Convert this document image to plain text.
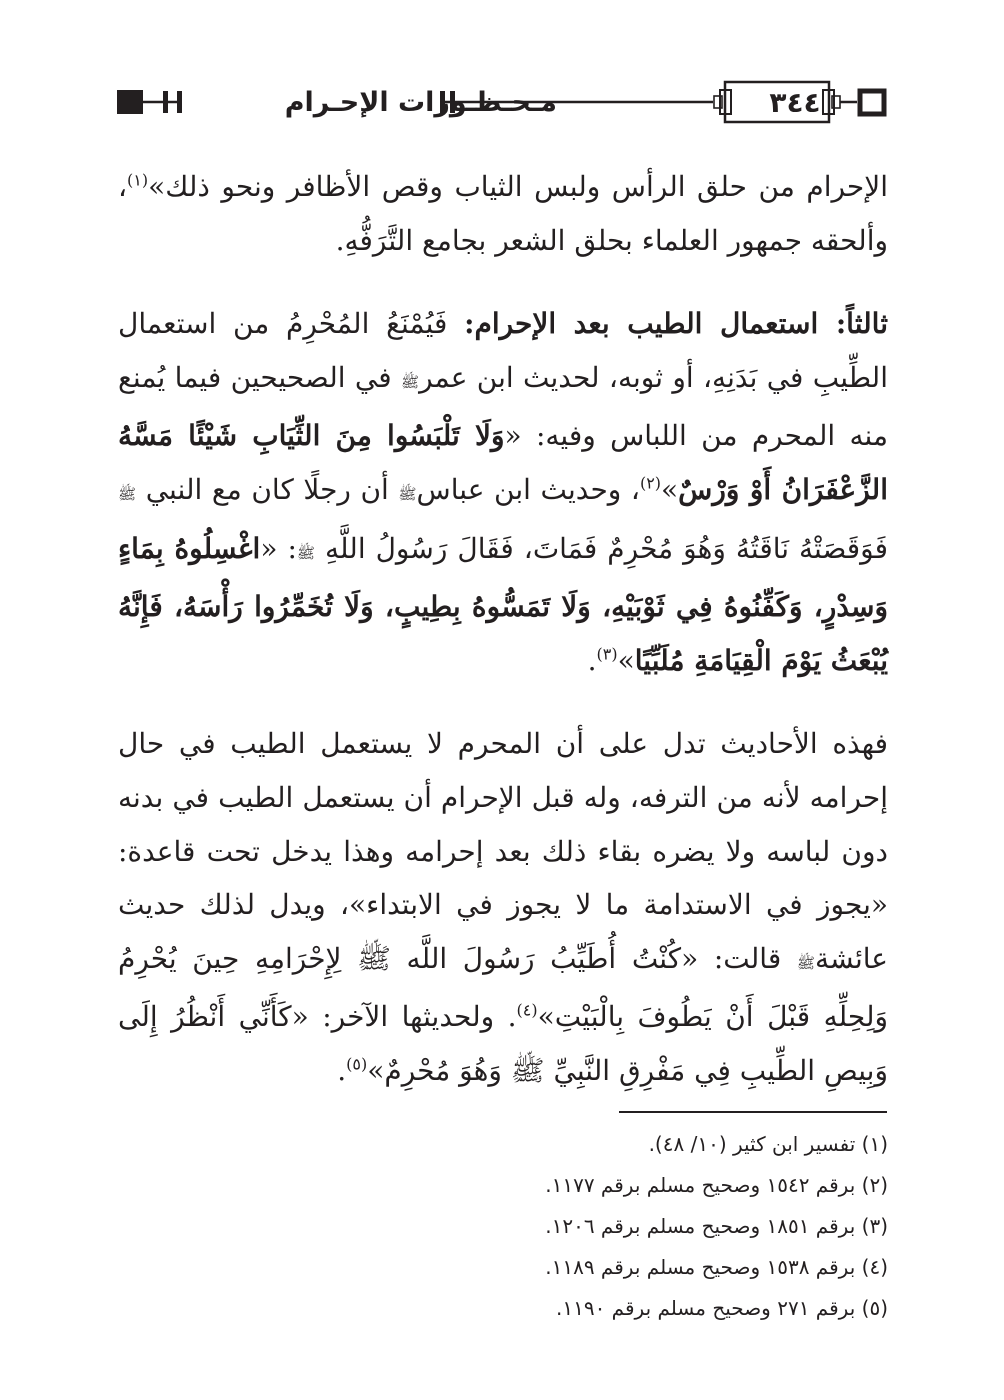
مـحـظـورات الإحـرام	٣٤٤

الإحرام من حلق الرأس ولبس الثياب وقص الأظافر ونحو ذلك»$^{(١)}$، وألحقه جمهور العلماء بحلق الشعر بجامع التَّرَفُّهِ.

ثالثاً: استعمال الطيب بعد الإحرام: فَيُمْنَعُ المُحْرِمُ من استعمال الطِّيبِ في بَدَنِهِ، أو ثوبه، لحديث ابن عمرﷺ في الصحيحين فيما يُمنع منه المحرم من اللباس وفيه: «وَلَا تَلْبَسُوا مِنَ الثِّيَابِ شَيْئًا مَسَّهُ الزَّعْفَرَانُ أَوْ وَرْسٌ»$^{(٢)}$، وحديث ابن عباسﷺ أن رجلًا كان مع النبي ﷺ فَوَقَصَتْهُ نَاقَتُهُ وَهُوَ مُحْرِمٌ فَمَاتَ، فَقَالَ رَسُولُ اللَّهِ ﷺ: «اغْسِلُوهُ بِمَاءٍ وَسِدْرٍ، وَكَفِّنُوهُ فِي ثَوْبَيْهِ، وَلَا تَمَسُّوهُ بِطِيبٍ، وَلَا تُخَمِّرُوا رَأْسَهُ، فَإِنَّهُ يُبْعَثُ يَوْمَ الْقِيَامَةِ مُلَبِّيًا»$^{(٣)}$.

فهذه الأحاديث تدل على أن المحرم لا يستعمل الطيب في حال إحرامه لأنه من الترفه، وله قبل الإحرام أن يستعمل الطيب في بدنه دون لباسه ولا يضره بقاء ذلك بعد إحرامه وهذا يدخل تحت قاعدة: «يجوز في الاستدامة ما لا يجوز في الابتداء»، ويدل لذلك حديث عائشةﷺ قالت: «كُنْتُ أُطَيِّبُ رَسُولَ اللَّه ﷺ لِإِحْرَامِهِ حِينَ يُحْرِمُ وَلِحِلِّهِ قَبْلَ أَنْ يَطُوفَ بِالْبَيْتِ»$^{(٤)}$. ولحديثها الآخر: «كَأَنِّي أَنْظُرُ إِلَى وَبِيصِ الطِّيبِ فِي مَفْرِقِ النَّبِيِّ ﷺ وَهُوَ مُحْرِمٌ»$^{(٥)}$.

(١) تفسير ابن كثير (١٠/ ٤٨).
(٢) برقم ١٥٤٢ وصحيح مسلم برقم ١١٧٧.
(٣) برقم ١٨٥١ وصحيح مسلم برقم ١٢٠٦.
(٤) برقم ١٥٣٨ وصحيح مسلم برقم ١١٨٩.
(٥) برقم ٢٧١ وصحيح مسلم برقم ١١٩٠.
